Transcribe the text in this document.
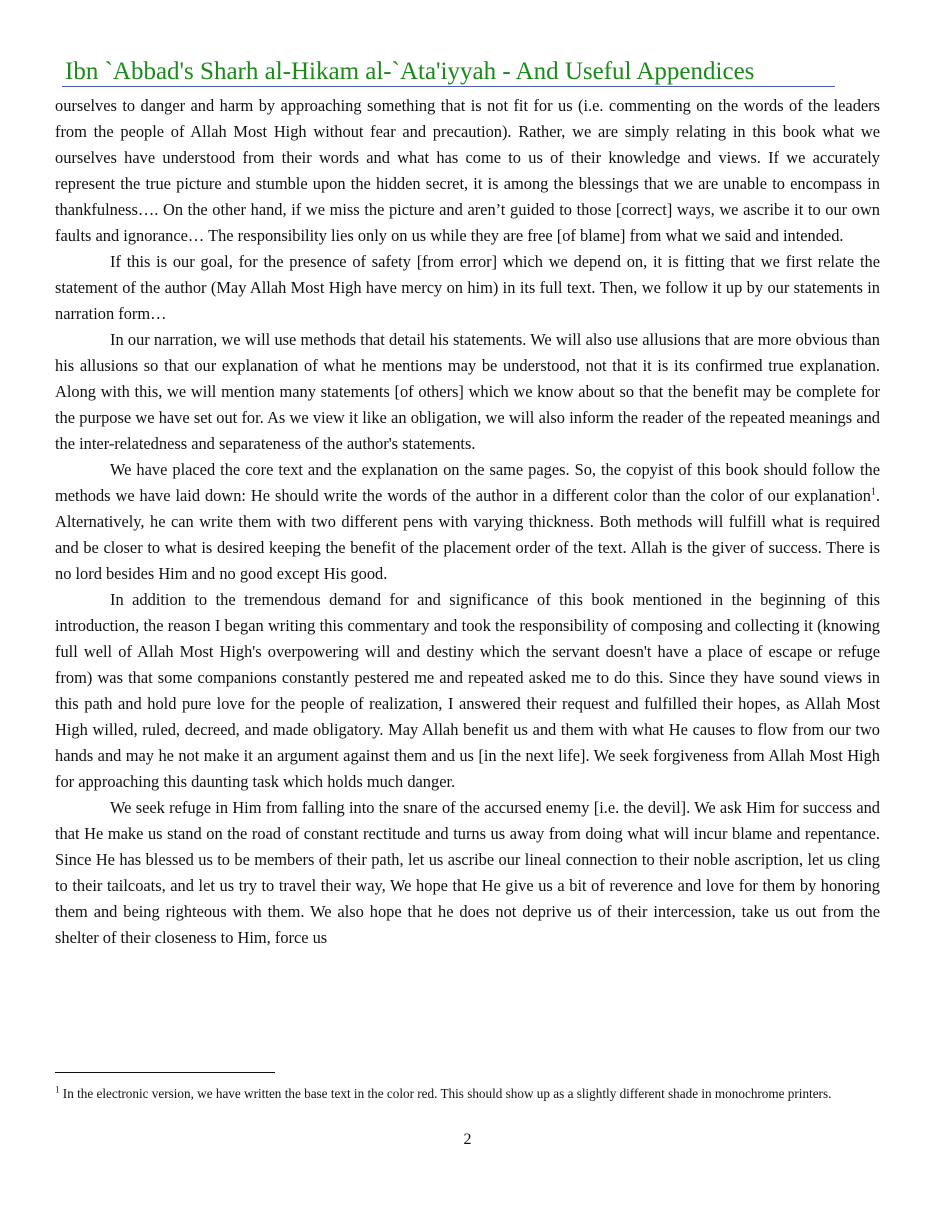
Ibn `Abbad's Sharh al-Hikam al-`Ata'iyyah - And Useful Appendices

ourselves to danger and harm by approaching something that is not fit for us (i.e. commenting on the words of the leaders from the people of Allah Most High without fear and precaution). Rather, we are simply relating in this book what we ourselves have understood from their words and what has come to us of their knowledge and views. If we accurately represent the true picture and stumble upon the hidden secret, it is among the blessings that we are unable to encompass in thankfulness…. On the other hand, if we miss the picture and aren’t guided to those [correct] ways, we ascribe it to our own faults and ignorance… The responsibility lies only on us while they are free [of blame] from what we said and intended.

If this is our goal, for the presence of safety [from error] which we depend on, it is fitting that we first relate the statement of the author (May Allah Most High have mercy on him) in its full text. Then, we follow it up by our statements in narration form…

In our narration, we will use methods that detail his statements. We will also use allusions that are more obvious than his allusions so that our explanation of what he mentions may be understood, not that it is its confirmed true explanation. Along with this, we will mention many statements [of others] which we know about so that the benefit may be complete for the purpose we have set out for. As we view it like an obligation, we will also inform the reader of the repeated meanings and the inter-relatedness and separateness of the author's statements.

We have placed the core text and the explanation on the same pages. So, the copyist of this book should follow the methods we have laid down: He should write the words of the author in a different color than the color of our explanation$^1$. Alternatively, he can write them with two different pens with varying thickness. Both methods will fulfill what is required and be closer to what is desired keeping the benefit of the placement order of the text. Allah is the giver of success. There is no lord besides Him and no good except His good.

In addition to the tremendous demand for and significance of this book mentioned in the beginning of this introduction, the reason I began writing this commentary and took the responsibility of composing and collecting it (knowing full well of Allah Most High's overpowering will and destiny which the servant doesn't have a place of escape or refuge from) was that some companions constantly pestered me and repeated asked me to do this. Since they have sound views in this path and hold pure love for the people of realization, I answered their request and fulfilled their hopes, as Allah Most High willed, ruled, decreed, and made obligatory. May Allah benefit us and them with what He causes to flow from our two hands and may he not make it an argument against them and us [in the next life]. We seek forgiveness from Allah Most High for approaching this daunting task which holds much danger.

We seek refuge in Him from falling into the snare of the accursed enemy [i.e. the devil]. We ask Him for success and that He make us stand on the road of constant rectitude and turns us away from doing what will incur blame and repentance. Since He has blessed us to be members of their path, let us ascribe our lineal connection to their noble ascription, let us cling to their tailcoats, and let us try to travel their way, We hope that He give us a bit of reverence and love for them by honoring them and being righteous with them. We also hope that he does not deprive us of their intercession, take us out from the shelter of their closeness to Him, force us

$^1$ In the electronic version, we have written the base text in the color red. This should show up as a slightly different shade in monochrome printers.
2
